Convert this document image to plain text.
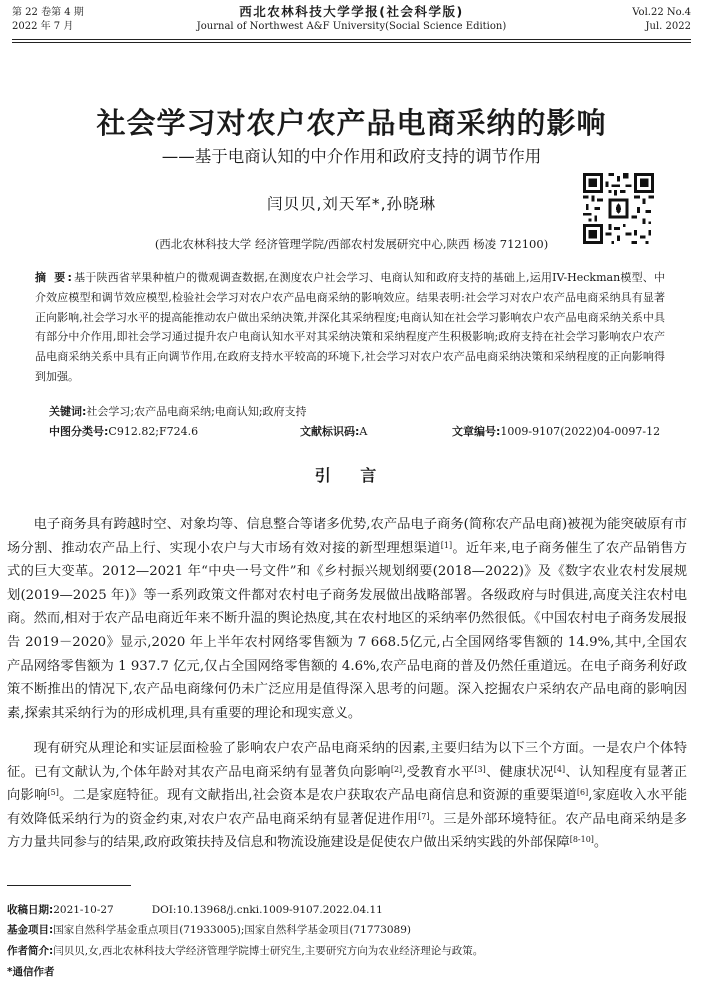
第 22 卷第 4 期
2022 年 7 月
西北农林科技大学学报(社会科学版)
Journal of Northwest A&F University(Social Science Edition)
Vol.22 No.4
Jul. 2022
社会学习对农户农产品电商采纳的影响
——基于电商认知的中介作用和政府支持的调节作用
闫贝贝,刘天军*,孙晓琳
(西北农林科技大学 经济管理学院/西部农村发展研究中心,陕西 杨凌 712100)
摘 要:基于陕西省苹果种植户的微观调查数据,在测度农户社会学习、电商认知和政府支持的基础上,运用IV-Heckman模型、中介效应模型和调节效应模型,检验社会学习对农户农产品电商采纳的影响效应。结果表明:社会学习对农户农产品电商采纳具有显著正向影响,社会学习水平的提高能推动农户做出采纳决策,并深化其采纳程度;电商认知在社会学习影响农户农产品电商采纳关系中具有部分中介作用,即社会学习通过提升农户电商认知水平对其采纳决策和采纳程度产生积极影响;政府支持在社会学习影响农户农产品电商采纳关系中具有正向调节作用,在政府支持水平较高的环境下,社会学习对农户农产品电商采纳决策和采纳程度的正向影响得到加强。
关键词:社会学习;农产品电商采纳;电商认知;政府支持
中图分类号:C912.82;F724.6	文献标识码:A	文章编号:1009-9107(2022)04-0097-12
引 言

电子商务具有跨越时空、对象均等、信息整合等诸多优势,农产品电子商务(简称农产品电商)被视为能突破原有市场分割、推动农产品上行、实现小农户与大市场有效对接的新型理想渠道[1]。近年来,电子商务催生了农产品销售方式的巨大变革。2012—2021 年“中央一号文件”和《乡村振兴规划纲要(2018—2022)》及《数字农业农村发展规划(2019—2025 年)》等一系列政策文件都对农村电子商务发展做出战略部署。各级政府与时俱进,高度关注农村电商。然而,相对于农产品电商近年来不断升温的舆论热度,其在农村地区的采纳率仍然很低。《中国农村电子商务发展报告 2019－2020》显示,2020 年上半年农村网络零售额为 7 668.5亿元,占全国网络零售额的 14.9%,其中,全国农产品网络零售额为 1 937.7 亿元,仅占全国网络零售额的 4.6%,农产品电商的普及仍然任重道远。在电子商务利好政策不断推出的情况下,农产品电商缘何仍未广泛应用是值得深入思考的问题。深入挖掘农户采纳农产品电商的影响因素,探索其采纳行为的形成机理,具有重要的理论和现实意义。

现有研究从理论和实证层面检验了影响农户农产品电商采纳的因素,主要归结为以下三个方面。一是农户个体特征。已有文献认为,个体年龄对其农产品电商采纳有显著负向影响[2],受教育水平[3]、健康状况[4]、认知程度有显著正向影响[5]。二是家庭特征。现有文献指出,社会资本是农户获取农产品电商信息和资源的重要渠道[6],家庭收入水平能有效降低采纳行为的资金约束,对农户农产品电商采纳有显著促进作用[7]。三是外部环境特征。农产品电商采纳是多方力量共同参与的结果,政府政策扶持及信息和物流设施建设是促使农户做出采纳实践的外部保障[8-10]。

收稿日期:2021-10-27	DOI:10.13968/j.cnki.1009-9107.2022.04.11
基金项目:国家自然科学基金重点项目(71933005);国家自然科学基金项目(71773089)
作者简介:闫贝贝,女,西北农林科技大学经济管理学院博士研究生,主要研究方向为农业经济理论与政策。
*通信作者
